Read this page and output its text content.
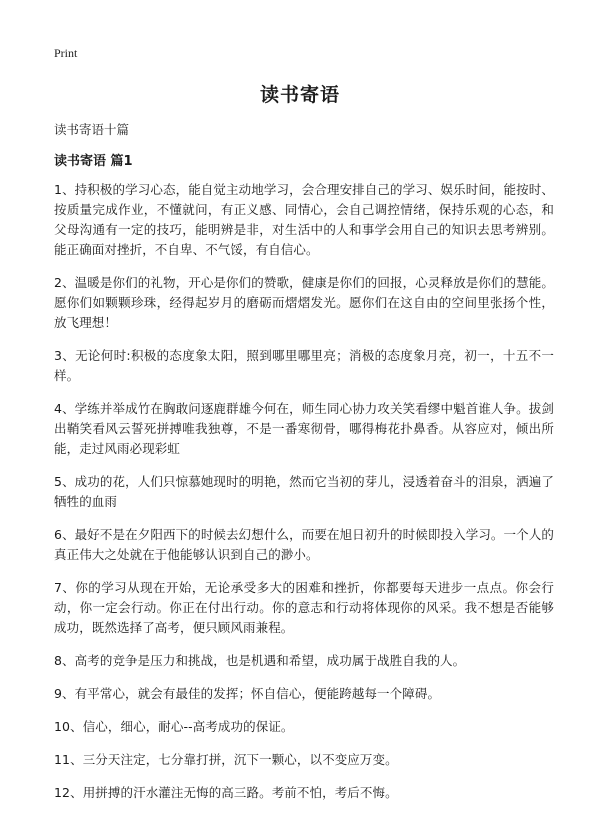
Print
读书寄语
读书寄语十篇
读书寄语 篇1

1、持积极的学习心态，能自觉主动地学习，会合理安排自己的学习、娱乐时间，能按时、按质量完成作业，不懂就问，有正义感、同情心，会自己调控情绪，保持乐观的心态，和父母沟通有一定的技巧，能明辨是非，对生活中的人和事学会用自己的知识去思考辨别。能正确面对挫折，不自卑、不气馁，有自信心。

2、温暖是你们的礼物，开心是你们的赞歌，健康是你们的回报，心灵释放是你们的慧能。愿你们如颗颗珍珠，经得起岁月的磨砺而熠熠发光。愿你们在这自由的空间里张扬个性，放飞理想！

3、无论何时:积极的态度象太阳，照到哪里哪里亮；消极的态度象月亮，初一，十五不一样。

4、学练并举成竹在胸敢问逐鹿群雄今何在，师生同心协力攻关笑看缪中魁首谁人争。拔剑出鞘笑看风云誓死拼搏唯我独尊，不是一番寒彻骨，哪得梅花扑鼻香。从容应对，倾出所能，走过风雨必现彩虹

5、成功的花，人们只惊慕她现时的明艳，然而它当初的芽儿，浸透着奋斗的泪泉，洒遍了牺牲的血雨

6、最好不是在夕阳西下的时候去幻想什么，而要在旭日初升的时候即投入学习。一个人的真正伟大之处就在于他能够认识到自己的渺小。

7、你的学习从现在开始，无论承受多大的困难和挫折，你都要每天进步一点点。你会行动，你一定会行动。你正在付出行动。你的意志和行动将体现你的风采。我不想是否能够成功，既然选择了高考，便只顾风雨兼程。

8、高考的竞争是压力和挑战，也是机遇和希望，成功属于战胜自我的人。

9、有平常心，就会有最佳的发挥；怀自信心，便能跨越每一个障碍。

10、信心，细心，耐心--高考成功的保证。

11、三分天注定，七分靠打拼，沉下一颗心，以不变应万变。

12、用拼搏的汗水灌注无悔的高三路。考前不怕，考后不悔。
